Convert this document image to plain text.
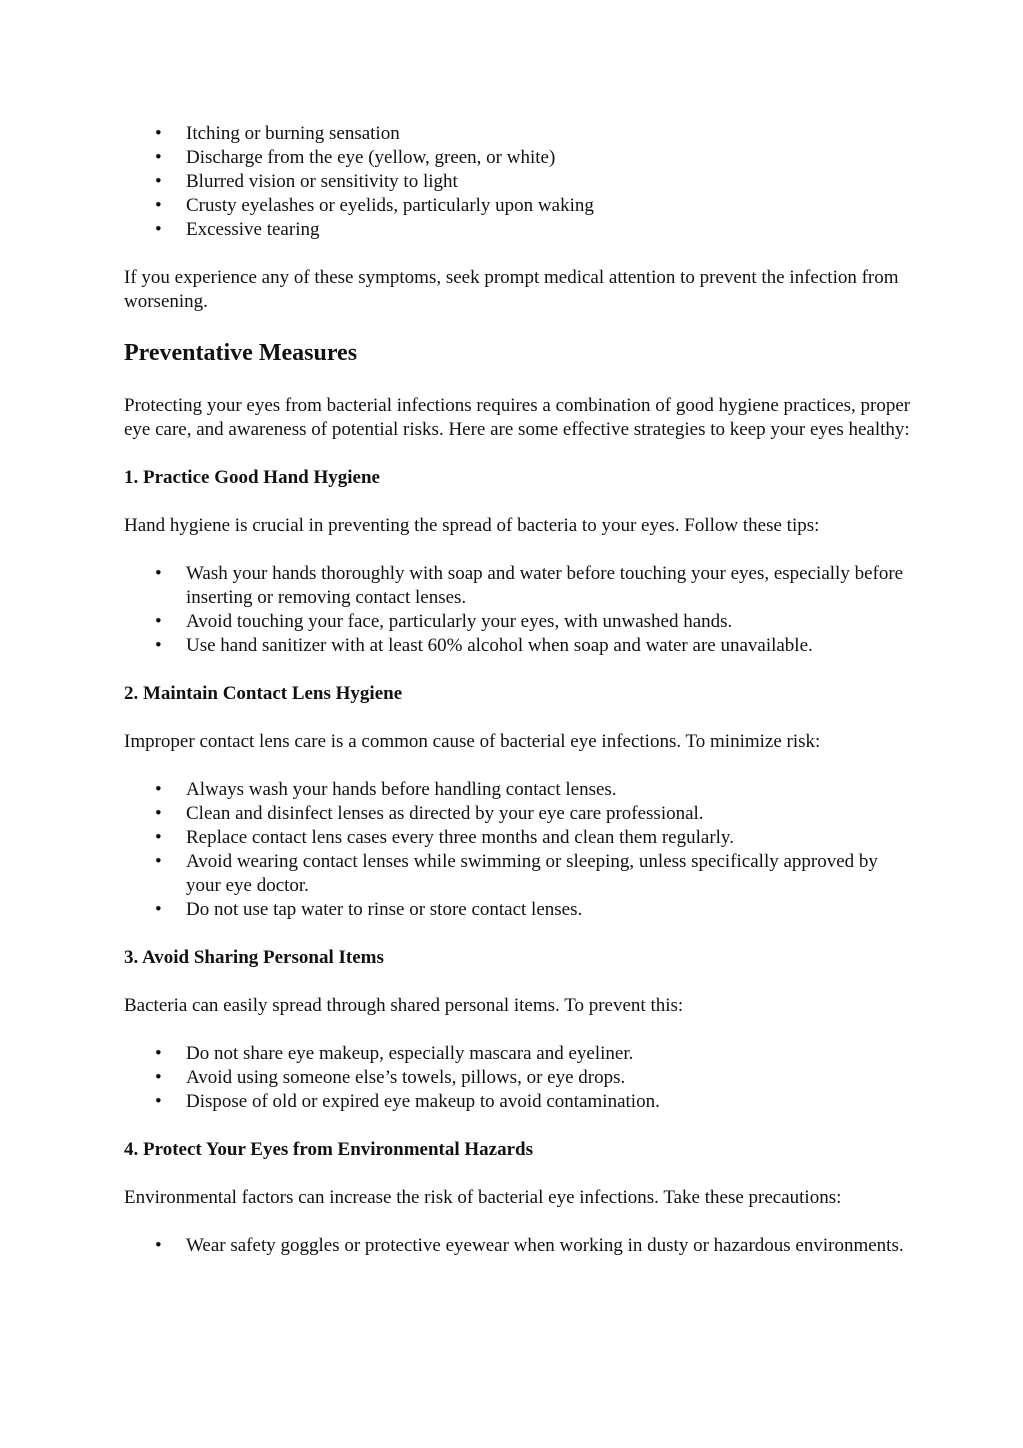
• Itching or burning sensation
• Discharge from the eye (yellow, green, or white)
• Blurred vision or sensitivity to light
• Crusty eyelashes or eyelids, particularly upon waking
• Excessive tearing

If you experience any of these symptoms, seek prompt medical attention to prevent the infection from worsening.

Preventative Measures

Protecting your eyes from bacterial infections requires a combination of good hygiene practices, proper eye care, and awareness of potential risks. Here are some effective strategies to keep your eyes healthy:

1. Practice Good Hand Hygiene

Hand hygiene is crucial in preventing the spread of bacteria to your eyes. Follow these tips:

• Wash your hands thoroughly with soap and water before touching your eyes, especially before inserting or removing contact lenses.
• Avoid touching your face, particularly your eyes, with unwashed hands.
• Use hand sanitizer with at least 60% alcohol when soap and water are unavailable.
2. Maintain Contact Lens Hygiene

Improper contact lens care is a common cause of bacterial eye infections. To minimize risk:

• Always wash your hands before handling contact lenses.
• Clean and disinfect lenses as directed by your eye care professional.
• Replace contact lens cases every three months and clean them regularly.
• Avoid wearing contact lenses while swimming or sleeping, unless specifically approved by your eye doctor.
• Do not use tap water to rinse or store contact lenses.
3. Avoid Sharing Personal Items

Bacteria can easily spread through shared personal items. To prevent this:

• Do not share eye makeup, especially mascara and eyeliner.
• Avoid using someone else’s towels, pillows, or eye drops.
• Dispose of old or expired eye makeup to avoid contamination.
4. Protect Your Eyes from Environmental Hazards

Environmental factors can increase the risk of bacterial eye infections. Take these precautions:

• Wear safety goggles or protective eyewear when working in dusty or hazardous environments.
